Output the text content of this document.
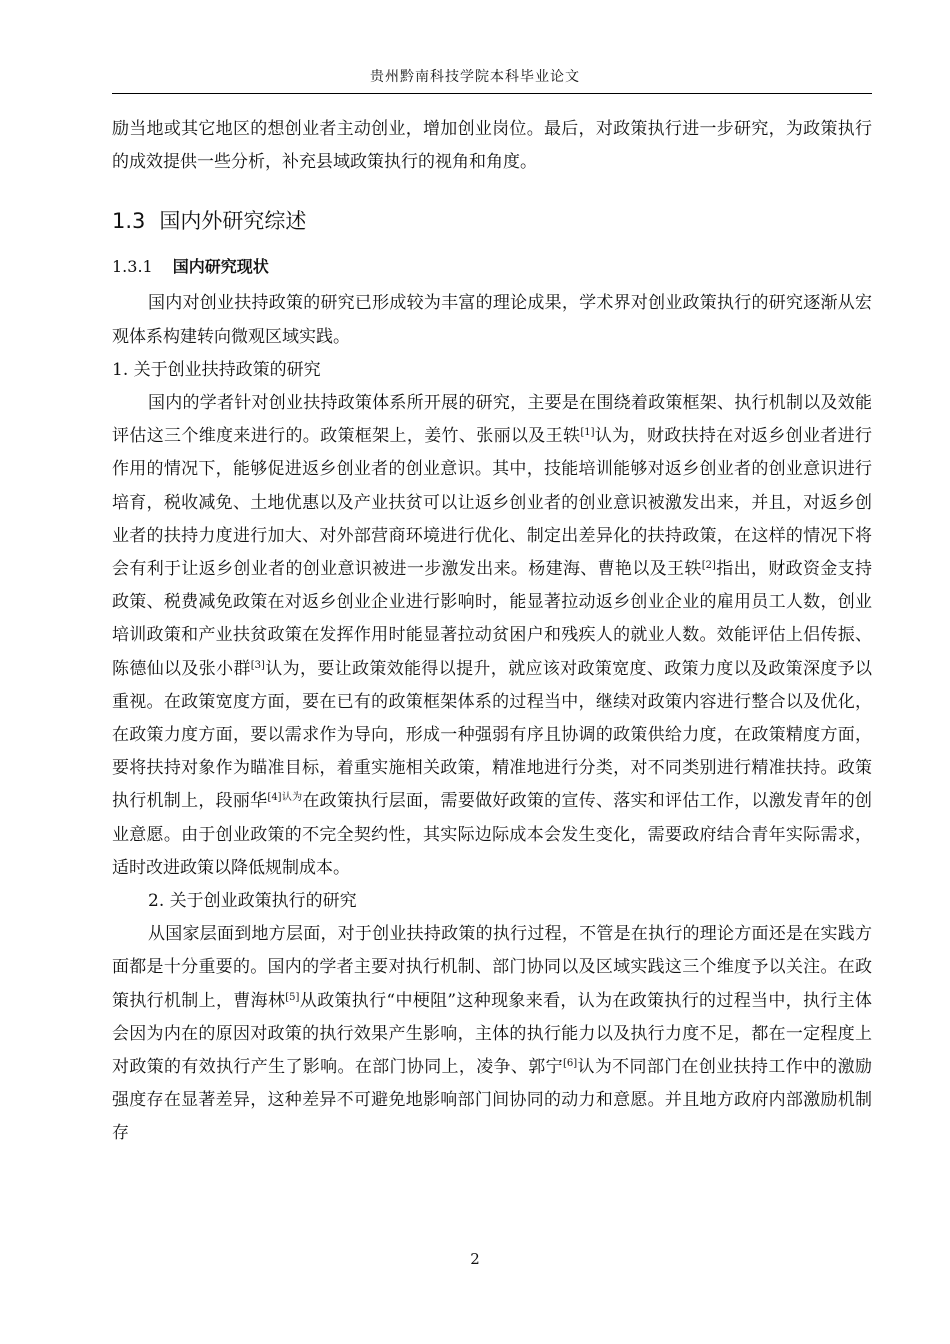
贵州黔南科技学院本科毕业论文

励当地或其它地区的想创业者主动创业，增加创业岗位。最后，对政策执行进一步研究，为政策执行的成效提供一些分析，补充县域政策执行的视角和角度。

1.3 国内外研究综述
1.3.1 国内研究现状

国内对创业扶持政策的研究已形成较为丰富的理论成果，学术界对创业政策执行的研究逐渐从宏观体系构建转向微观区域实践。

1. 关于创业扶持政策的研究

国内的学者针对创业扶持政策体系所开展的研究，主要是在围绕着政策框架、执行机制以及效能评估这三个维度来进行的。政策框架上，姜竹、张丽以及王轶[1]认为，财政扶持在对返乡创业者进行作用的情况下，能够促进返乡创业者的创业意识。其中，技能培训能够对返乡创业者的创业意识进行培育，税收减免、土地优惠以及产业扶贫可以让返乡创业者的创业意识被激发出来，并且，对返乡创业者的扶持力度进行加大、对外部营商环境进行优化、制定出差异化的扶持政策，在这样的情况下将会有利于让返乡创业者的创业意识被进一步激发出来。杨建海、曹艳以及王轶[2]指出，财政资金支持政策、税费减免政策在对返乡创业企业进行影响时，能显著拉动返乡创业企业的雇用员工人数，创业培训政策和产业扶贫政策在发挥作用时能显著拉动贫困户和残疾人的就业人数。效能评估上侣传振、陈德仙以及张小群[3]认为，要让政策效能得以提升，就应该对政策宽度、政策力度以及政策深度予以重视。在政策宽度方面，要在已有的政策框架体系的过程当中，继续对政策内容进行整合以及优化，在政策力度方面，要以需求作为导向，形成一种强弱有序且协调的政策供给力度，在政策精度方面，要将扶持对象作为瞄准目标，着重实施相关政策，精准地进行分类，对不同类别进行精准扶持。政策执行机制上，段丽华$^{[4]认为}$在政策执行层面，需要做好政策的宣传、落实和评估工作，以激发青年的创业意愿。由于创业政策的不完全契约性，其实际边际成本会发生变化，需要政府结合青年实际需求，适时改进政策以降低规制成本。

2. 关于创业政策执行的研究

从国家层面到地方层面，对于创业扶持政策的执行过程，不管是在执行的理论方面还是在实践方面都是十分重要的。国内的学者主要对执行机制、部门协同以及区域实践这三个维度予以关注。在政策执行机制上，曹海林[5]从政策执行“中梗阻”这种现象来看，认为在政策执行的过程当中，执行主体会因为内在的原因对政策的执行效果产生影响，主体的执行能力以及执行力度不足，都在一定程度上对政策的有效执行产生了影响。在部门协同上，凌争、郭宁[6]认为不同部门在创业扶持工作中的激励强度存在显著差异，这种差异不可避免地影响部门间协同的动力和意愿。并且地方政府内部激励机制存

2
